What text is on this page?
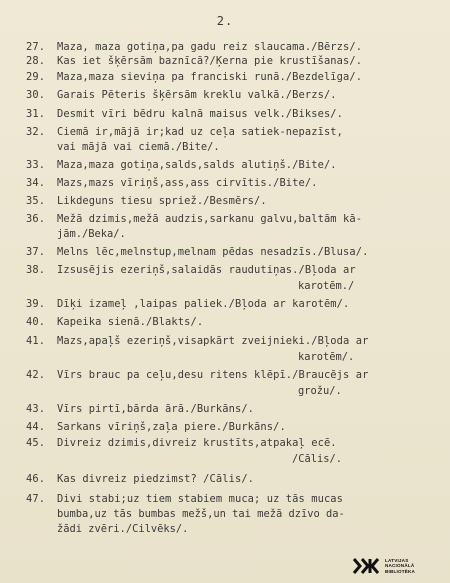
2.
27. Maza, maza gotiņa,pa gadu reiz slaucama./Bērzs/.
28. Kas iet šķērsām baznīcā?/Ķerna pie krustīšanas/.
29. Maza,maza sieviņa pa franciski runā./Bezdelīga/.
30. Garais Pēteris šķērsām kreklu valkā./Berzs/.
31. Desmit vīri bēdru kalnā maisus velk./Bikses/.
32. Ciemā ir,mājā ir;kad uz ceļa satiek-nepazīst,
vai mājā vai ciemā./Bite/.
33. Maza,maza gotiņa,salds,salds alutiņš./Bite/.
34. Mazs,mazs vīriņš,ass,ass cirvītis./Bite/.
35. Likdeguns tiesu spriež./Besmērs/.
36. Mežā dzimis,mežā audzis,sarkanu galvu,baltām kā-
jām./Beka/.
37. Melns lēc,melnstup,melnam pēdas nesadzīs./Blusa/.
38. Izsusējis ezeriņš,salaidās raudutiņas./Bļoda ar
karotēm./
39. Dīķi izameļ ,laipas paliek./Bļoda ar karotēm/.
40. Kapeika sienā./Blakts/.
41. Mazs,apaļš ezeriņš,visapkārt zveijnieki./Bļoda ar
karotēm/.
42. Vīrs brauc pa ceļu,desu ritens klēpī./Braucējs ar
grožu/.
43. Vīrs pirtī,bārda ārā./Burkāns/.
44. Sarkans vīriņš,zaļa piere./Burkāns/.
45. Divreiz dzimis,divreiz krustīts,atpakaļ ecē.
/Cālis/.
46. Kas divreiz piedzimst? /Cālis/.
47. Divi stabi;uz tiem stabiem muca; uz tās mucas
bumba,uz tās bumbas mežš,un tai mežā dzīvo da-
žādi zvēri./Cilvēks/.
LATVIJAS
NACIONĀLĀ
BIBLIOTĒKA
